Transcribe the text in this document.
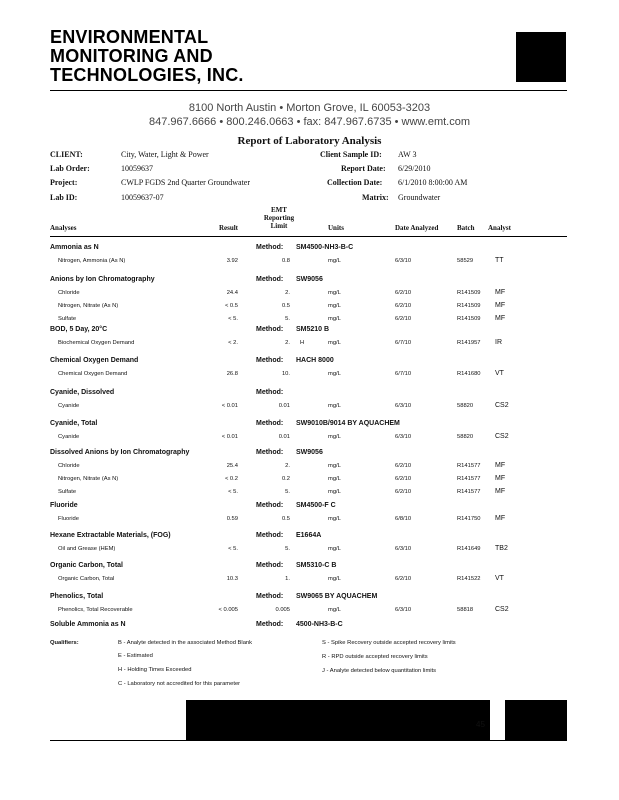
ENVIRONMENTAL
MONITORING AND
TECHNOLOGIES, INC.
8100 North Austin • Morton Grove, IL 60053-3203
847.967.6666 • 800.246.0663 • fax: 847.967.6735 • www.emt.com
Report of Laboratory Analysis
CLIENT:	City, Water, Light & Power
Lab Order:	10059637
Project:	CWLP FGDS 2nd Quarter Groundwater
Lab ID:	10059637-07
Client Sample ID: AW 3
Report Date: 6/29/2010
Collection Date: 6/1/2010 8:00:00 AM
Matrix: Groundwater
Analyses	Result
EMT
Reporting
Limit	Units	Date Analyzed	Batch Analyst
Ammonia as N	Method: SM4500-NH3-B-C
Nitrogen, Ammonia (As N)	3.92	0.8	mg/L	6/3/10	58529	TT
Anions by Ion Chromatography	Method: SW9056
Chloride	24.4	2.	mg/L	6/2/10	R141509 MF
Nitrogen, Nitrate (As N)	< 0.5	0.5	mg/L	6/2/10	R141509 MF
Sulfate	< 5.	5.	mg/L	6/2/10	R141509 MF
BOD, 5 Day, 20°C	Method: SM5210 B
Biochemical Oxygen Demand	< 2.	2. H	mg/L	6/7/10	R141957 IR
Chemical Oxygen Demand	Method: HACH 8000
Chemical Oxygen Demand	26.8	10.	mg/L	6/7/10	R141680 VT
Cyanide, Dissolved	Method:
Cyanide	< 0.01	0.01	mg/L	6/3/10	58820	CS2
Cyanide, Total	Method: SW9010B/9014 BY AQUACHEM
Cyanide	< 0.01	0.01	mg/L	6/3/10	58820	CS2
Dissolved Anions by Ion Chromatography	Method: SW9056
Chloride	25.4	2.	mg/L	6/2/10	R141577 MF
Nitrogen, Nitrate (As N)	< 0.2	0.2	mg/L	6/2/10	R141577 MF
Sulfate	< 5.	5.	mg/L	6/2/10	R141577 MF
Fluoride	Method: SM4500-F C
Fluoride	0.59	0.5	mg/L	6/8/10	R141750 MF
Hexane Extractable Materials, (FOG)	Method: E1664A
Oil and Grease (HEM)	< 5.	5.	mg/L	6/3/10	R141649 TB2
Organic Carbon, Total	Method: SM5310-C B
Organic Carbon, Total	10.3	1.	mg/L	6/2/10	R141522 VT
Phenolics, Total	Method: SW9065 BY AQUACHEM
Phenolics, Total Recoverable	< 0.005	0.005	mg/L	6/3/10	58818	CS2
Soluble Ammonia as N	Method: 4500-NH3-B-C
Qualifiers:	B - Analyte detected in the associated Method Blank
E - Estimated
H - Holding Times Exceeded
C - Laboratory not accredited for this parameter
S - Spike Recovery outside accepted recovery limits
R - RPD outside accepted recovery limits
J - Analyte detected below quantitation limits
45
